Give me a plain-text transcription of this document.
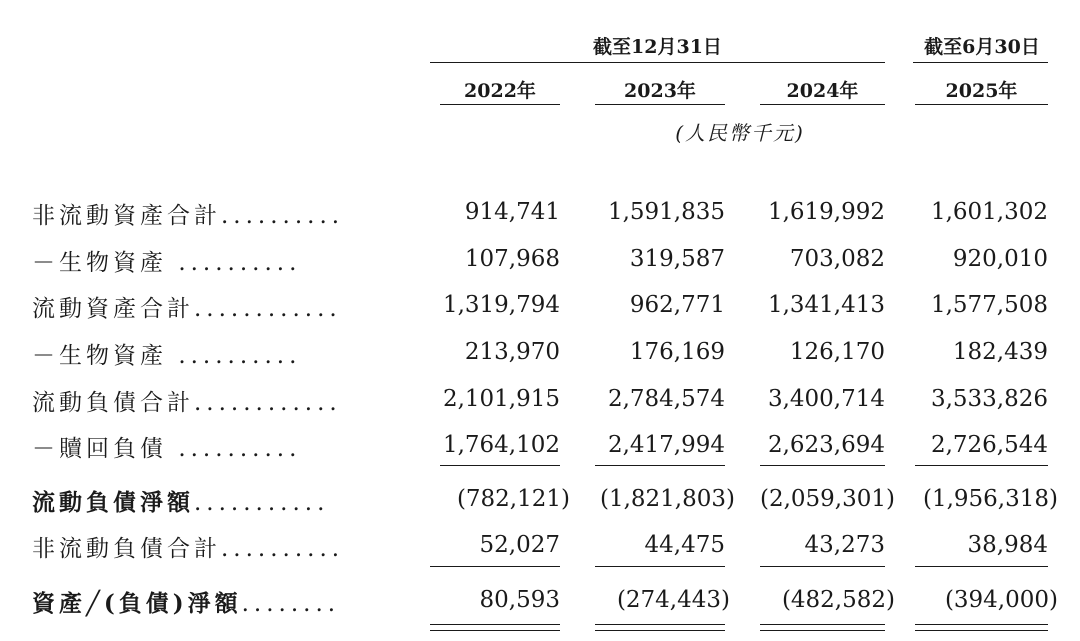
截至12月31日	截至6月30日
2022年	2023年	2024年	2025年
(人民幣千元)
非流動資產合計..........	914,741	1,591,835	1,619,992	1,601,302
－生物資產 ..........	107,968	319,587	703,082	920,010
流動資產合計............	1,319,794	962,771	1,341,413	1,577,508
－生物資產 ..........	213,970	176,169	126,170	182,439
流動負債合計............	2,101,915	2,784,574	3,400,714	3,533,826
－贖回負債 ..........	1,764,102	2,417,994	2,623,694	2,726,544
流動負債淨額...........	(782,121)	(1,821,803)	(2,059,301)	(1,956,318)
非流動負債合計..........	52,027	44,475	43,273	38,984
資產╱(負債)淨額........	80,593	(274,443)	(482,582)	(394,000)
